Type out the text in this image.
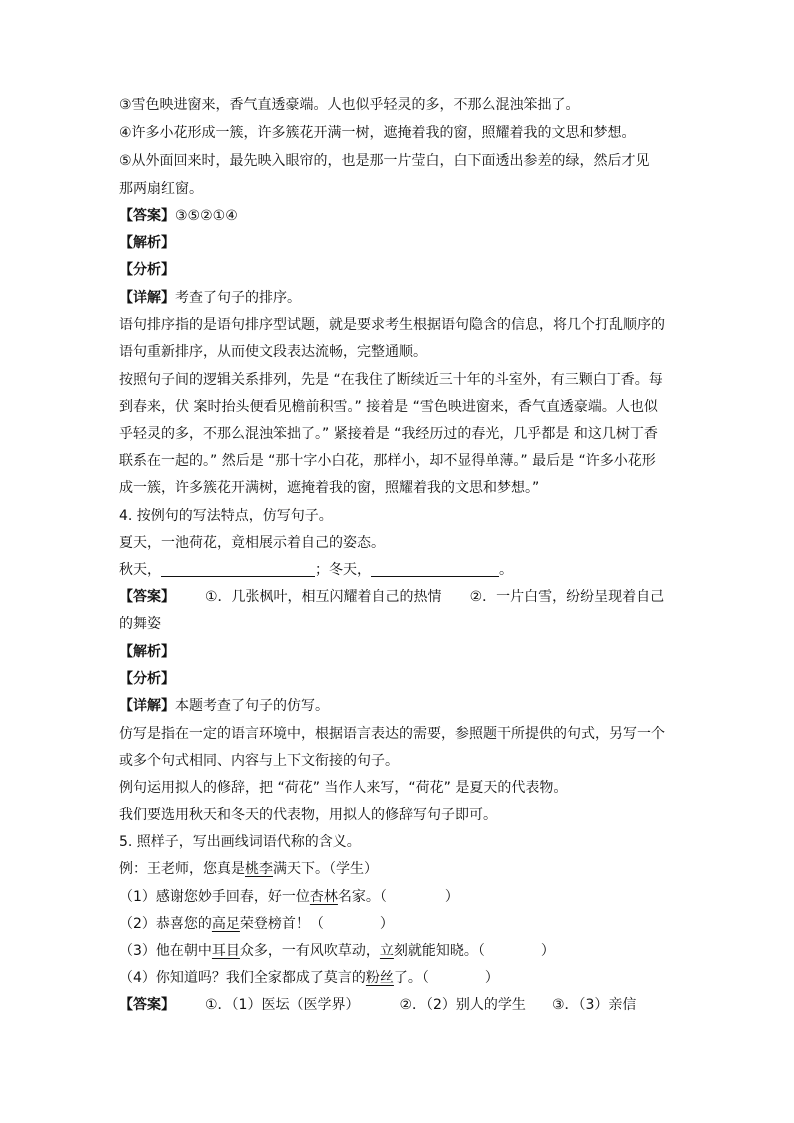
③雪色映进窗来，香气直透豪端。人也似乎轻灵的多，不那么混浊笨拙了。
④许多小花形成一簇，许多簇花开满一树，遮掩着我的窗，照耀着我的文思和梦想。
⑤从外面回来时，最先映入眼帘的，也是那一片莹白，白下面透出参差的绿，然后才见
那两扇红窗。
【答案】③⑤②①④
【解析】
【分析】
【详解】考查了句子的排序。
语句排序指的是语句排序型试题，就是要求考生根据语句隐含的信息，将几个打乱顺序的
语句重新排序，从而使文段表达流畅，完整通顺。
按照句子间的逻辑关系排列，先是 “在我住了断续近三十年的斗室外，有三颗白丁香。每
到春来，伏 案时抬头便看见檐前积雪。” 接着是 “雪色映进窗来，香气直透豪端。人也似
乎轻灵的多，不那么混浊笨拙了。” 紧接着是 “我经历过的春光，几乎都是 和这几树丁香
联系在一起的。” 然后是 “那十字小白花，那样小，却不显得单薄。” 最后是 “许多小花形
成一簇，许多簇花开满树，遮掩着我的窗，照耀着我的文思和梦想。”
4. 按例句的写法特点，仿写句子。
夏天，一池荷花，竟相展示着自己的姿态。
秋天，	；冬天，	。
【答案】 ①．几张枫叶，相互闪耀着自己的热情 ②．一片白雪，纷纷呈现着自己
的舞姿
【解析】
【分析】
【详解】本题考查了句子的仿写。
仿写是指在一定的语言环境中，根据语言表达的需要，参照题干所提供的句式，另写一个
或多个句式相同、内容与上下文衔接的句子。
例句运用拟人的修辞，把 “荷花” 当作人来写，“荷花” 是夏天的代表物。
我们要选用秋天和冬天的代表物，用拟人的修辞写句子即可。
5. 照样子，写出画线词语代称的含义。
例：王老师，您真是桃李满天下。（学生）
（1）感谢您妙手回春，好一位杏林名家。（	）
（2）恭喜您的高足荣登榜首！（	）
（3）他在朝中耳目众多，一有风吹草动，立刻就能知晓。（	）
（4）你知道吗？我们全家都成了莫言的粉丝了。（	）
【答案】 ①．（1）医坛（医学界）	②．（2）别人的学生 ③．（3）亲信
